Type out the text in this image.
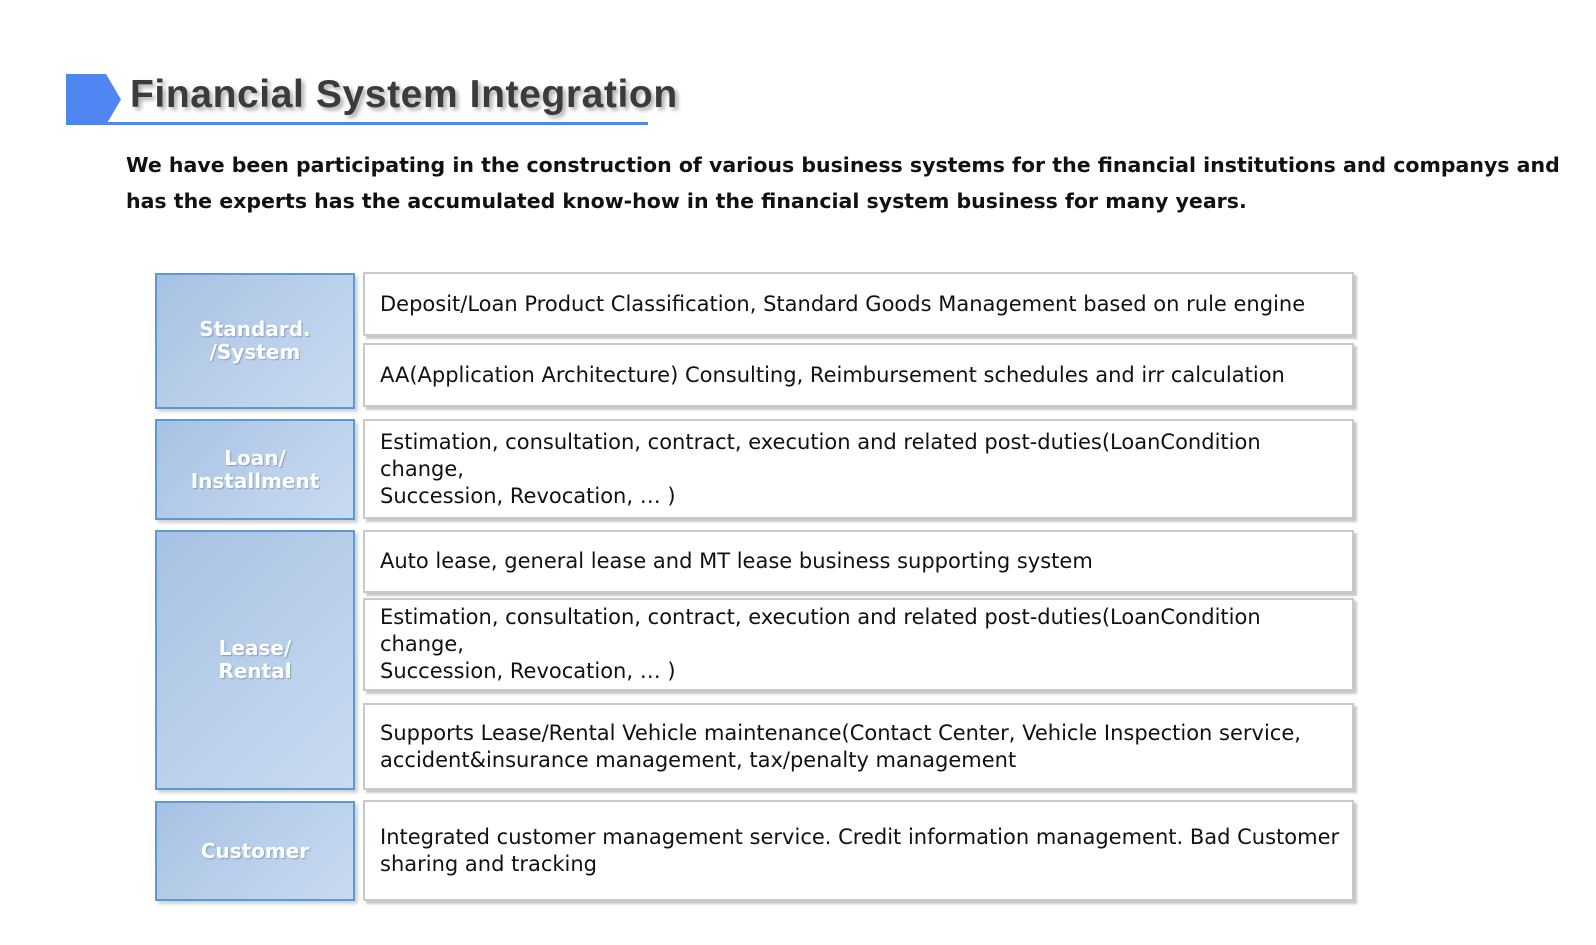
Financial System Integration

We have been participating in the construction of various business systems for the financial institutions and companys and
has the experts has the accumulated know-how in the financial system business for many years.

Standard.
/System
Loan/
Installment
Lease/
Rental
Customer
Deposit/Loan Product Classification, Standard Goods Management based on rule engine
AA(Application Architecture) Consulting, Reimbursement schedules and irr calculation
Estimation, consultation, contract, execution and related post-duties(LoanCondition change,
Succession, Revocation, … )
Auto lease, general lease and MT lease business supporting system
Estimation, consultation, contract, execution and related post-duties(LoanCondition change,
Succession, Revocation, … )
Supports Lease/Rental Vehicle maintenance(Contact Center, Vehicle Inspection service,
accident&insurance management, tax/penalty management
Integrated customer management service. Credit information management. Bad Customer
sharing and tracking
